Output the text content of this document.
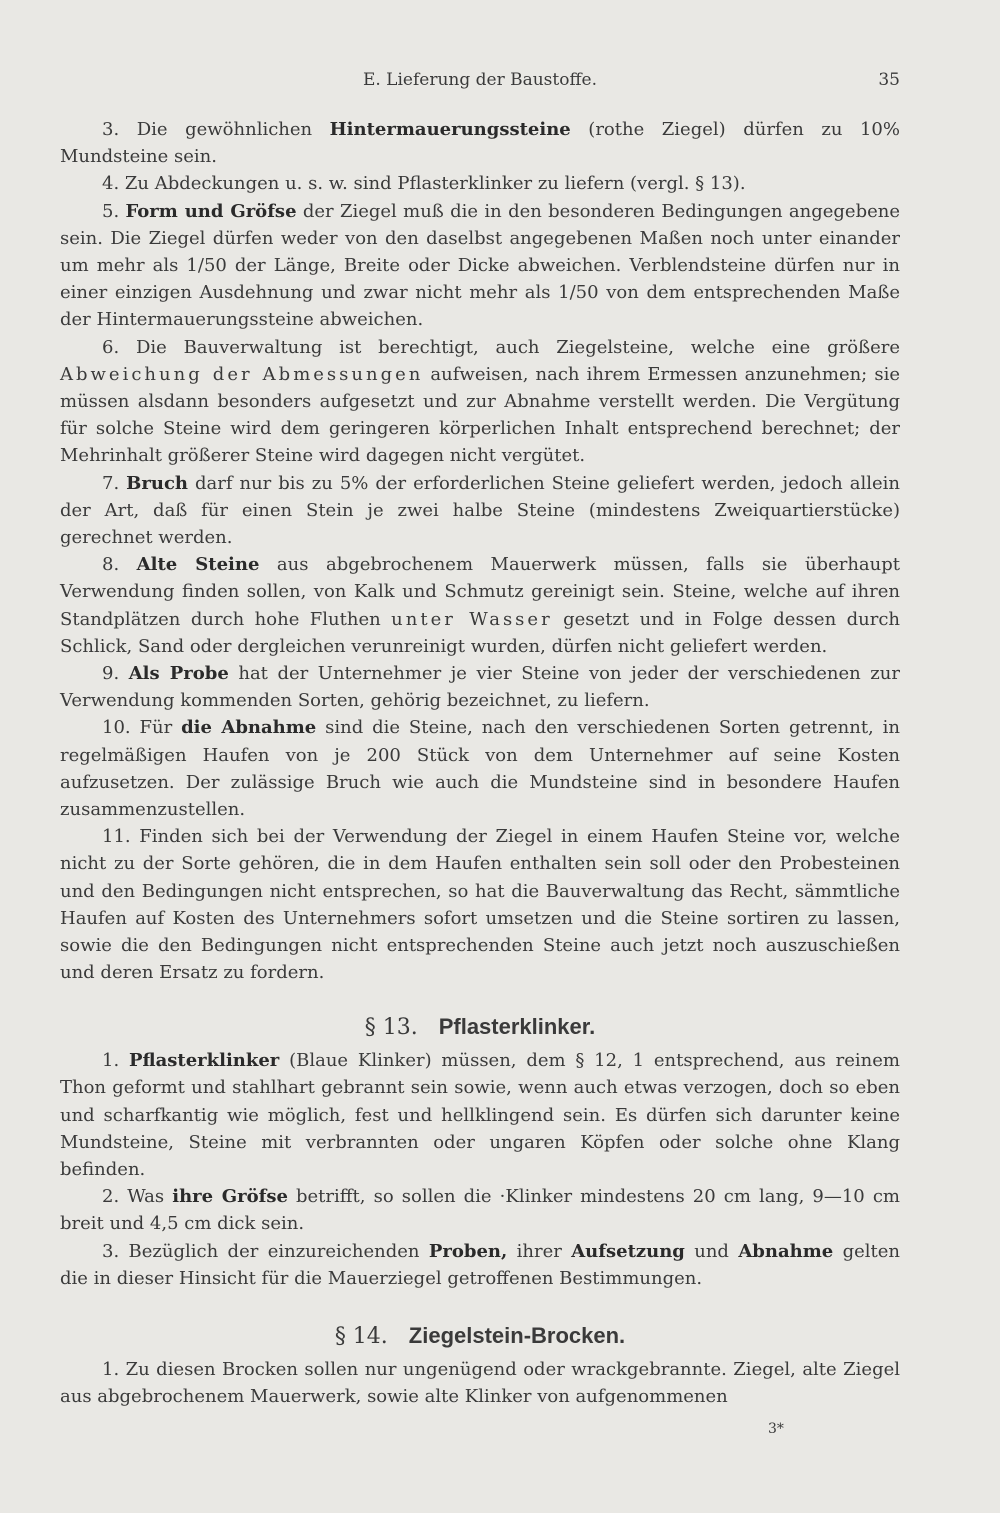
E. Lieferung der Baustoffe.	35

3. Die gewöhnlichen Hintermauerungssteine (rothe Ziegel) dürfen zu 10% Mundsteine sein.

4. Zu Abdeckungen u. s. w. sind Pflasterklinker zu liefern (vergl. § 13).

5. Form und Gröfse der Ziegel muß die in den besonderen Bedingungen angegebene sein. Die Ziegel dürfen weder von den daselbst angegebenen Maßen noch unter einander um mehr als 1/50 der Länge, Breite oder Dicke abweichen. Verblendsteine dürfen nur in einer einzigen Ausdehnung und zwar nicht mehr als 1/50 von dem entsprechenden Maße der Hintermauerungssteine abweichen.

6. Die Bauverwaltung ist berechtigt, auch Ziegelsteine, welche eine größere Abweichung der Abmessungen aufweisen, nach ihrem Ermessen anzunehmen; sie müssen alsdann besonders aufgesetzt und zur Abnahme verstellt werden. Die Vergütung für solche Steine wird dem geringeren körperlichen Inhalt entsprechend berechnet; der Mehrinhalt größerer Steine wird dagegen nicht vergütet.

7. Bruch darf nur bis zu 5% der erforderlichen Steine geliefert werden, jedoch allein der Art, daß für einen Stein je zwei halbe Steine (mindestens Zweiquartierstücke) gerechnet werden.

8. Alte Steine aus abgebrochenem Mauerwerk müssen, falls sie überhaupt Verwendung finden sollen, von Kalk und Schmutz gereinigt sein. Steine, welche auf ihren Standplätzen durch hohe Fluthen unter Wasser gesetzt und in Folge dessen durch Schlick, Sand oder dergleichen verunreinigt wurden, dürfen nicht geliefert werden.

9. Als Probe hat der Unternehmer je vier Steine von jeder der verschiedenen zur Verwendung kommenden Sorten, gehörig bezeichnet, zu liefern.

10. Für die Abnahme sind die Steine, nach den verschiedenen Sorten getrennt, in regelmäßigen Haufen von je 200 Stück von dem Unternehmer auf seine Kosten aufzusetzen. Der zulässige Bruch wie auch die Mundsteine sind in besondere Haufen zusammenzustellen.

11. Finden sich bei der Verwendung der Ziegel in einem Haufen Steine vor, welche nicht zu der Sorte gehören, die in dem Haufen enthalten sein soll oder den Probesteinen und den Bedingungen nicht entsprechen, so hat die Bauverwaltung das Recht, sämmtliche Haufen auf Kosten des Unternehmers sofort umsetzen und die Steine sortiren zu lassen, sowie die den Bedingungen nicht entsprechenden Steine auch jetzt noch auszuschießen und deren Ersatz zu fordern.

§ 13. Pflasterklinker.

1. Pflasterklinker (Blaue Klinker) müssen, dem § 12, 1 entsprechend, aus reinem Thon geformt und stahlhart gebrannt sein sowie, wenn auch etwas verzogen, doch so eben und scharfkantig wie möglich, fest und hellklingend sein. Es dürfen sich darunter keine Mundsteine, Steine mit verbrannten oder ungaren Köpfen oder solche ohne Klang befinden.

2. Was ihre Gröfse betrifft, so sollen die ·Klinker mindestens 20 cm lang, 9—10 cm breit und 4,5 cm dick sein.

3. Bezüglich der einzureichenden Proben, ihrer Aufsetzung und Abnahme gelten die in dieser Hinsicht für die Mauerziegel getroffenen Bestimmungen.

§ 14. Ziegelstein-Brocken.

1. Zu diesen Brocken sollen nur ungenügend oder wrackgebrannte. Ziegel, alte Ziegel aus abgebrochenem Mauerwerk, sowie alte Klinker von aufgenommenen

3*
